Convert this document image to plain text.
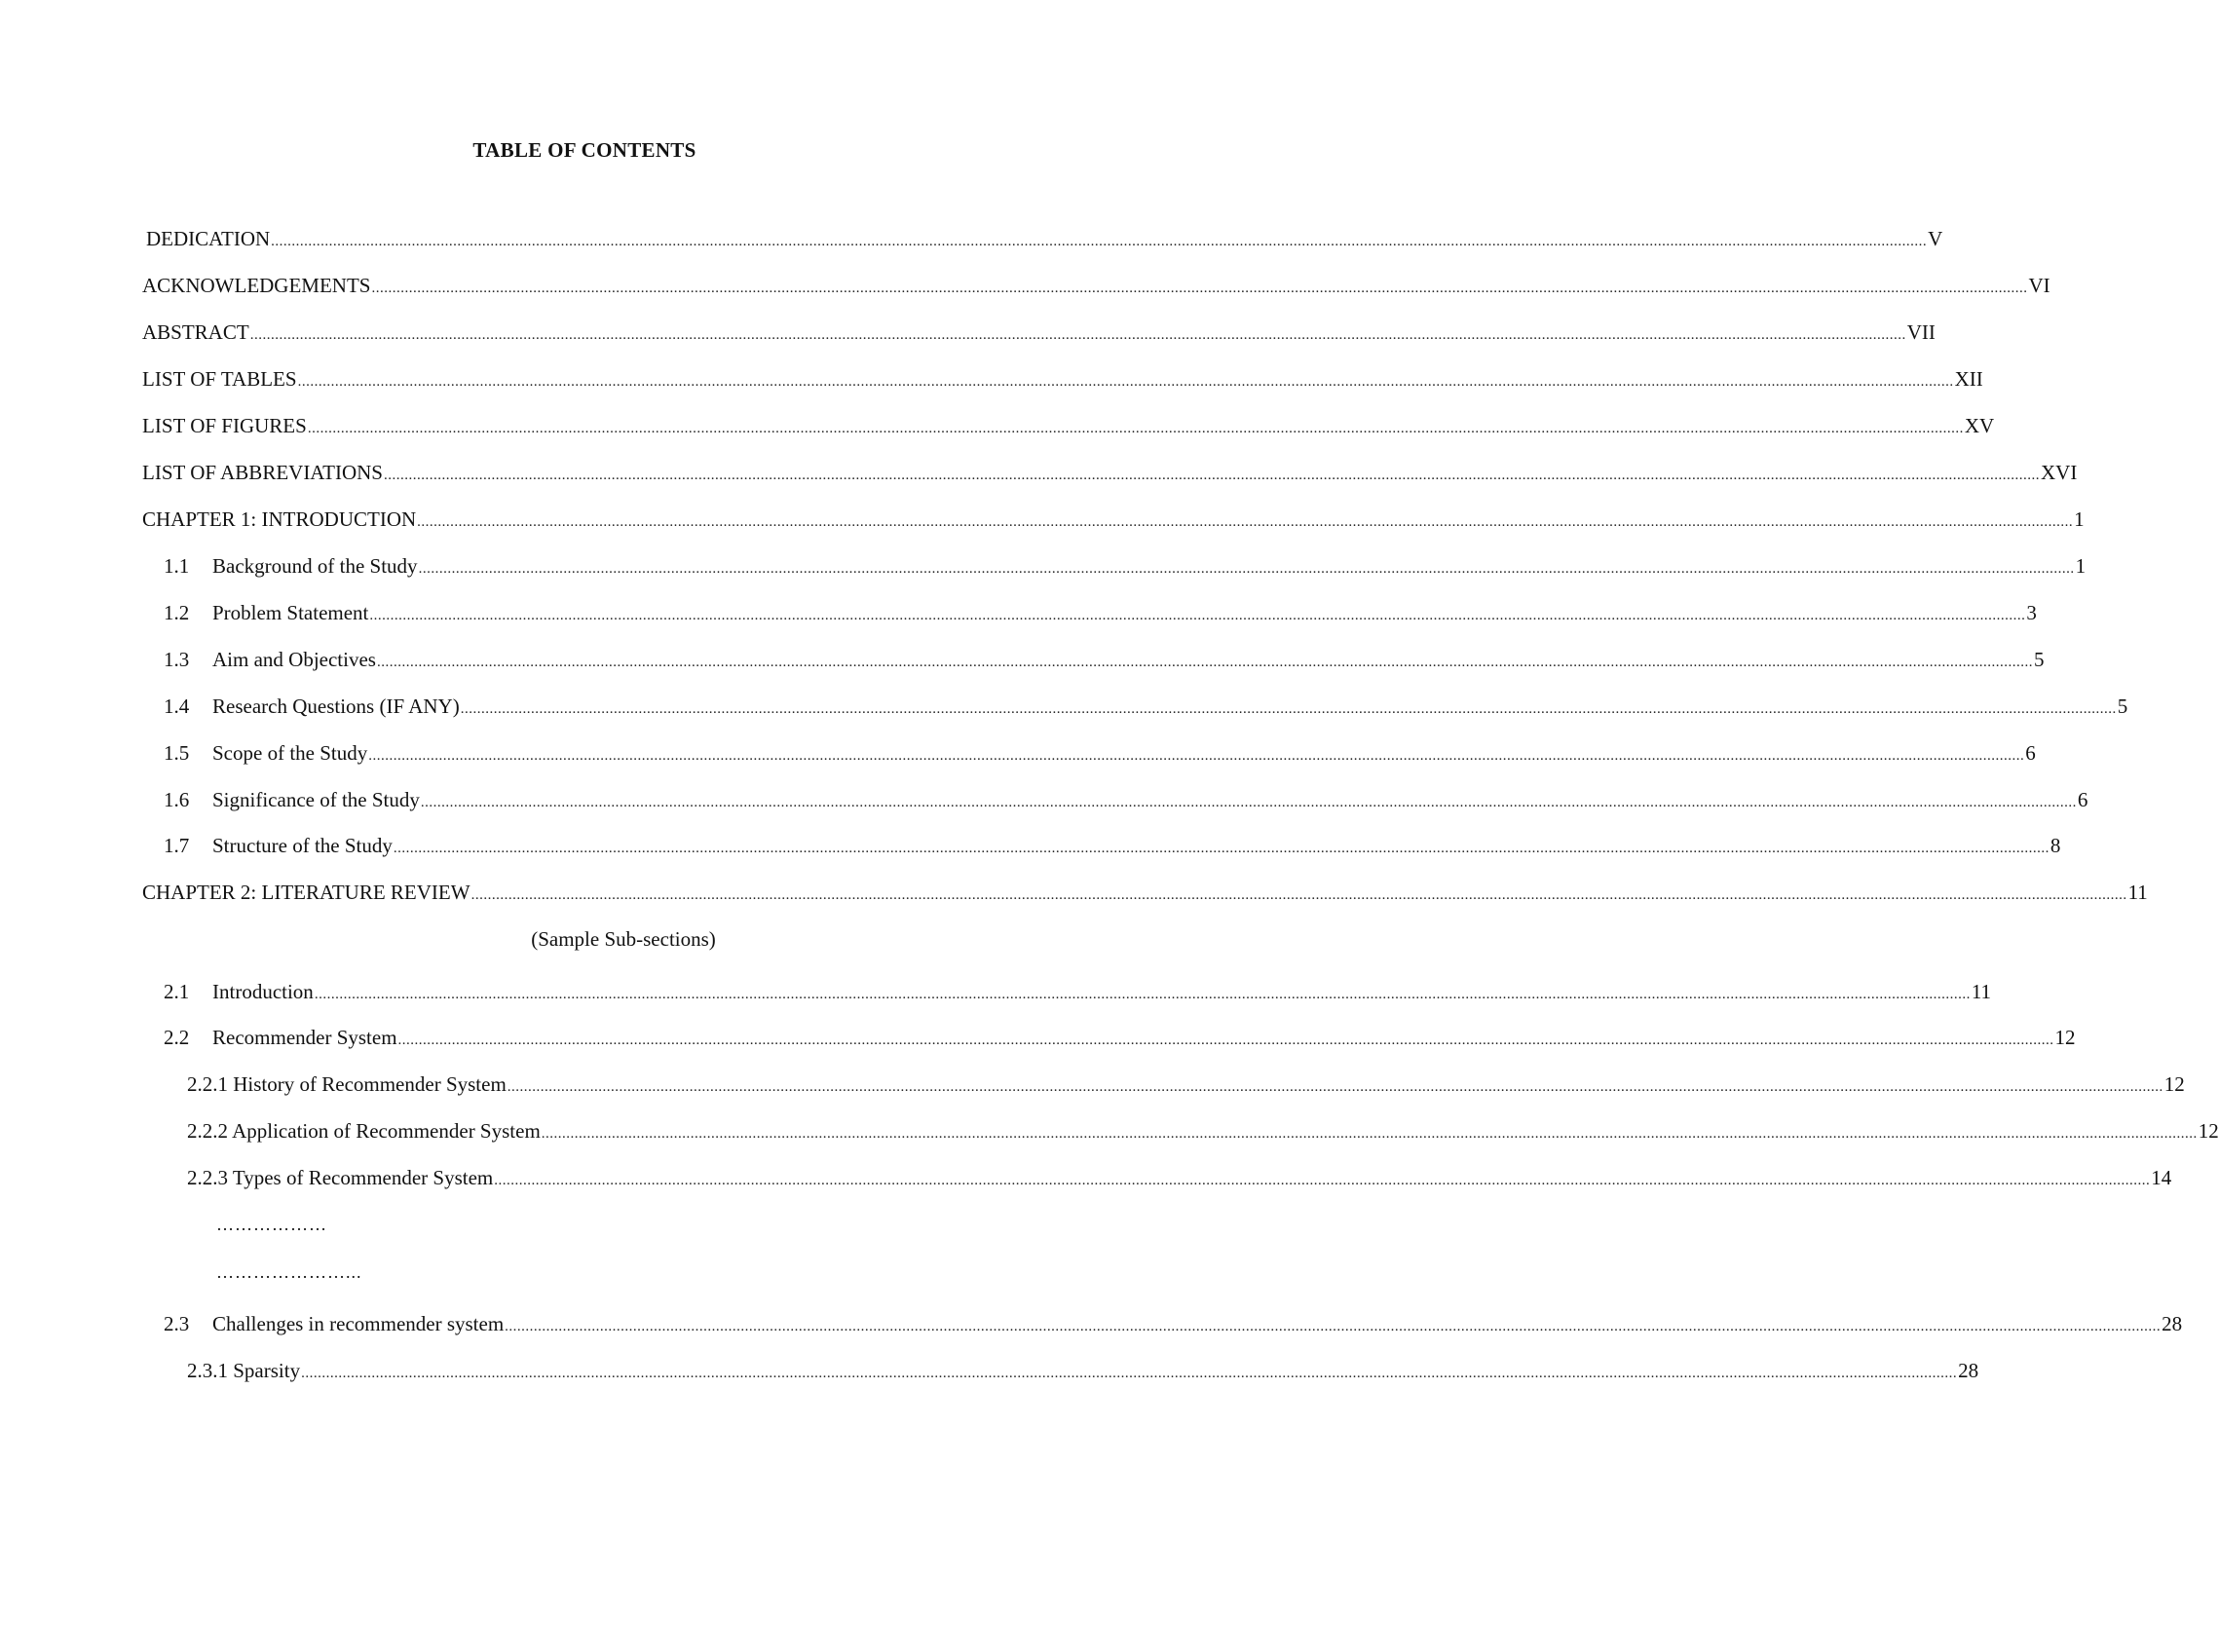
TABLE OF CONTENTS
DEDICATION ................................................................................................................................................................................................................................................................................................................................................................................................................ V
ACKNOWLEDGEMENTS ................................................................................................................................................................................................................................................................................................................................................................................................................ VI
ABSTRACT ................................................................................................................................................................................................................................................................................................................................................................................................................ VII
LIST OF TABLES ................................................................................................................................................................................................................................................................................................................................................................................................................ XII
LIST OF FIGURES ................................................................................................................................................................................................................................................................................................................................................................................................................ XV
LIST OF ABBREVIATIONS ................................................................................................................................................................................................................................................................................................................................................................................................................ XVI
CHAPTER 1: INTRODUCTION ................................................................................................................................................................................................................................................................................................................................................................................................................ 1
1.1 Background of the Study ................................................................................................................................................................................................................................................................................................................................................................................................................ 1
1.2 Problem Statement ................................................................................................................................................................................................................................................................................................................................................................................................................ 3
1.3 Aim and Objectives ................................................................................................................................................................................................................................................................................................................................................................................................................ 5
1.4 Research Questions (IF ANY) ................................................................................................................................................................................................................................................................................................................................................................................................................ 5
1.5 Scope of the Study ................................................................................................................................................................................................................................................................................................................................................................................................................ 6
1.6 Significance of the Study ................................................................................................................................................................................................................................................................................................................................................................................................................ 6
1.7 Structure of the Study ................................................................................................................................................................................................................................................................................................................................................................................................................ 8
CHAPTER 2: LITERATURE REVIEW ................................................................................................................................................................................................................................................................................................................................................................................................................ 11
(Sample Sub-sections)
2.1 Introduction ................................................................................................................................................................................................................................................................................................................................................................................................................ 11
2.2 Recommender System ................................................................................................................................................................................................................................................................................................................................................................................................................ 12
2.2.1 History of Recommender System ................................................................................................................................................................................................................................................................................................................................................................................................................ 12
2.2.2 Application of Recommender System ................................................................................................................................................................................................................................................................................................................................................................................................................ 12
2.2.3 Types of Recommender System ................................................................................................................................................................................................................................................................................................................................................................................................................ 14
………………
…………………...
2.3 Challenges in recommender system ................................................................................................................................................................................................................................................................................................................................................................................................................ 28
2.3.1 Sparsity ................................................................................................................................................................................................................................................................................................................................................................................................................ 28
